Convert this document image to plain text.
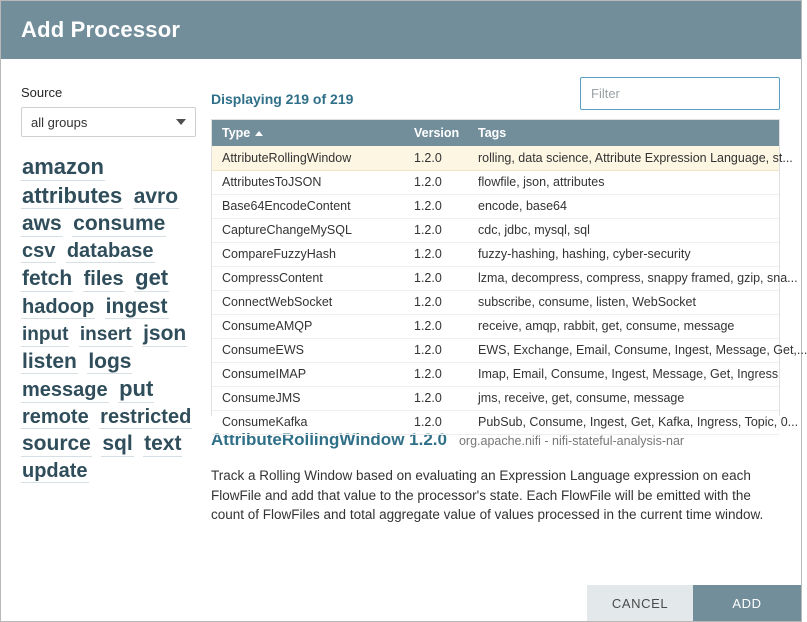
Add Processor
Source
all groups
amazon attributes avro aws consume csv database fetch files get hadoop ingest input insert json listen logs message put remote restricted source sql text update
Displaying 219 of 219
Filter
Type	Version	Tags
AttributeRollingWindow	1.2.0	rolling, data science, Attribute Expression Language, st...
AttributesToJSON	1.2.0	flowfile, json, attributes
Base64EncodeContent	1.2.0	encode, base64
CaptureChangeMySQL	1.2.0	cdc, jdbc, mysql, sql
CompareFuzzyHash	1.2.0	fuzzy-hashing, hashing, cyber-security
CompressContent	1.2.0	lzma, decompress, compress, snappy framed, gzip, sna...
ConnectWebSocket	1.2.0	subscribe, consume, listen, WebSocket
ConsumeAMQP	1.2.0	receive, amqp, rabbit, get, consume, message
ConsumeEWS	1.2.0	EWS, Exchange, Email, Consume, Ingest, Message, Get,...
ConsumeIMAP	1.2.0	Imap, Email, Consume, Ingest, Message, Get, Ingress
ConsumeJMS	1.2.0	jms, receive, get, consume, message
ConsumeKafka	1.2.0	PubSub, Consume, Ingest, Get, Kafka, Ingress, Topic, 0...
AttributeRollingWindow 1.2.0 org.apache.nifi - nifi-stateful-analysis-nar
Track a Rolling Window based on evaluating an Expression Language expression on each FlowFile and add that value to the processor's state. Each FlowFile will be emitted with the count of FlowFiles and total aggregate value of values processed in the current time window.
CANCEL	ADD
